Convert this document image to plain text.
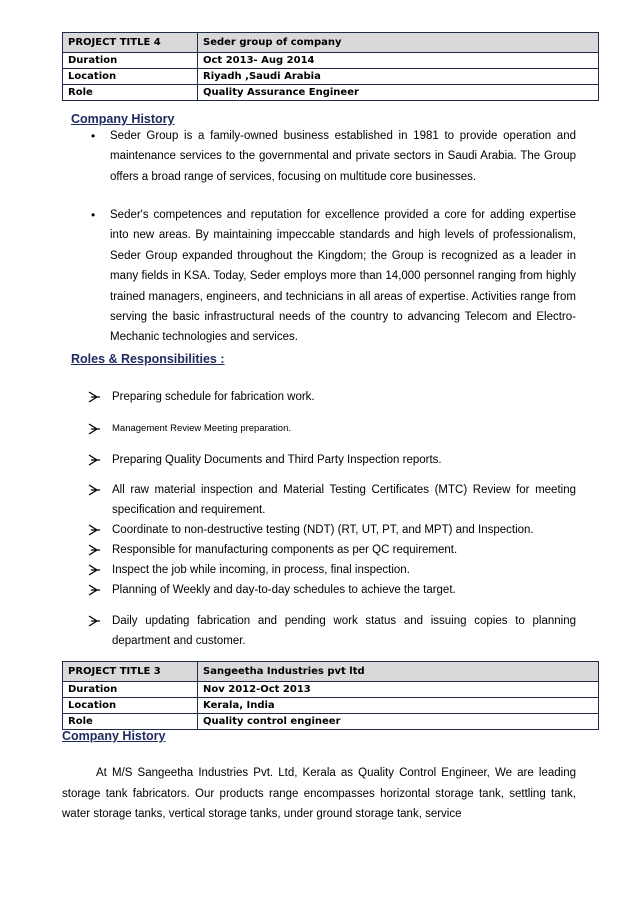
PROJECT TITLE 4	Seder group of company
Duration	Oct 2013- Aug 2014
Location	Riyadh ,Saudi Arabia
Role	Quality Assurance Engineer
Company History
• Seder Group is a family-owned business established in 1981 to provide operation and maintenance services to the governmental and private sectors in Saudi Arabia. The Group offers a broad range of services, focusing on multitude core businesses.
• Seder's competences and reputation for excellence provided a core for adding expertise into new areas. By maintaining impeccable standards and high levels of professionalism, Seder Group expanded throughout the Kingdom; the Group is recognized as a leader in many fields in KSA. Today, Seder employs more than 14,000 personnel ranging from highly trained managers, engineers, and technicians in all areas of expertise. Activities range from serving the basic infrastructural needs of the country to advancing Telecom and Electro-Mechanic technologies and services.
Roles & Responsibilities :
Preparing schedule for fabrication work.
Management Review Meeting preparation.
Preparing Quality Documents and Third Party Inspection reports.
All raw material inspection and Material Testing Certificates (MTC) Review for meeting specification and requirement.
Coordinate to non-destructive testing (NDT) (RT, UT, PT, and MPT) and Inspection.
Responsible for manufacturing components as per QC requirement.
Inspect the job while incoming, in process, final inspection.
Planning of Weekly and day-to-day schedules to achieve the target.
Daily updating fabrication and pending work status and issuing copies to planning department and customer.
PROJECT TITLE 3	Sangeetha Industries pvt ltd
Duration	Nov 2012-Oct 2013
Location	Kerala, India
Role	Quality control engineer
Company History
At M/S Sangeetha Industries Pvt. Ltd, Kerala as Quality Control Engineer, We are leading storage tank fabricators. Our products range encompasses horizontal storage tank, settling tank, water storage tanks, vertical storage tanks, under ground storage tank, service
